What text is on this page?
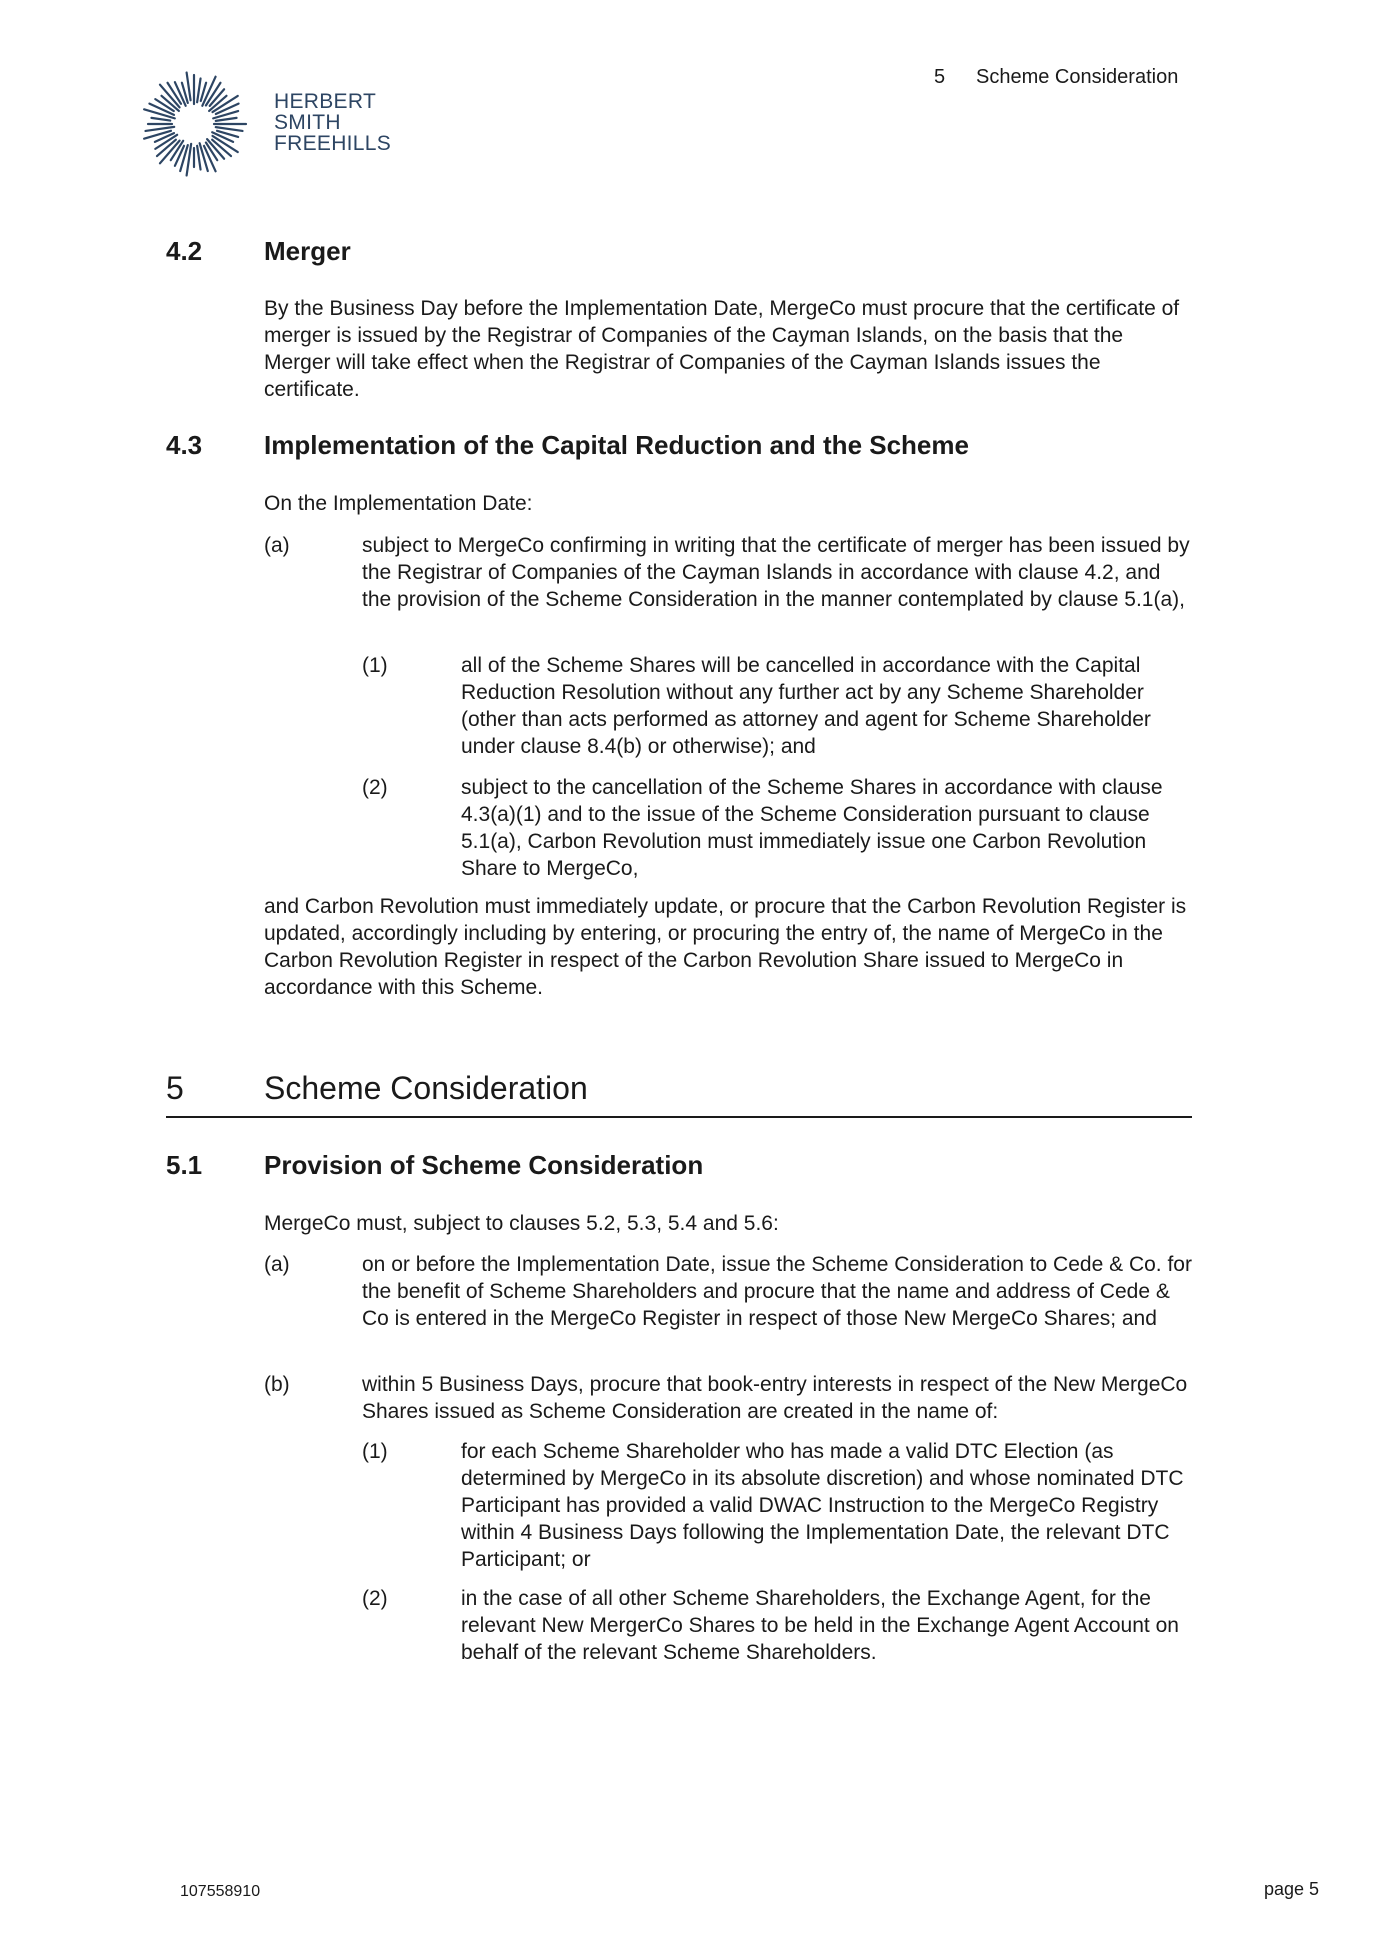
HERBERT
SMITH
FREEHILLS
5 Scheme Consideration
4.2 Merger

By the Business Day before the Implementation Date, MergeCo must procure that the certificate of merger is issued by the Registrar of Companies of the Cayman Islands, on the basis that the Merger will take effect when the Registrar of Companies of the Cayman Islands issues the certificate.

4.3 Implementation of the Capital Reduction and the Scheme

On the Implementation Date:

(a)	subject to MergeCo confirming in writing that the certificate of merger has been issued by the Registrar of Companies of the Cayman Islands in accordance with clause 4.2, and the provision of the Scheme Consideration in the manner contemplated by clause 5.1(a),

(1)	all of the Scheme Shares will be cancelled in accordance with the Capital Reduction Resolution without any further act by any Scheme Shareholder (other than acts performed as attorney and agent for Scheme Shareholder under clause 8.4(b) or otherwise); and

(2)	subject to the cancellation of the Scheme Shares in accordance with clause 4.3(a)(1) and to the issue of the Scheme Consideration pursuant to clause 5.1(a), Carbon Revolution must immediately issue one Carbon Revolution Share to MergeCo,

and Carbon Revolution must immediately update, or procure that the Carbon Revolution Register is updated, accordingly including by entering, or procuring the entry of, the name of MergeCo in the Carbon Revolution Register in respect of the Carbon Revolution Share issued to MergeCo in accordance with this Scheme.

5	Scheme Consideration
5.1 Provision of Scheme Consideration

MergeCo must, subject to clauses 5.2, 5.3, 5.4 and 5.6:

(a)	on or before the Implementation Date, issue the Scheme Consideration to Cede & Co. for the benefit of Scheme Shareholders and procure that the name and address of Cede & Co is entered in the MergeCo Register in respect of those New MergeCo Shares; and

(b)	within 5 Business Days, procure that book-entry interests in respect of the New MergeCo Shares issued as Scheme Consideration are created in the name of:

(1)	for each Scheme Shareholder who has made a valid DTC Election (as determined by MergeCo in its absolute discretion) and whose nominated DTC Participant has provided a valid DWAC Instruction to the MergeCo Registry within 4 Business Days following the Implementation Date, the relevant DTC Participant; or

(2)	in the case of all other Scheme Shareholders, the Exchange Agent, for the relevant New MergerCo Shares to be held in the Exchange Agent Account on behalf of the relevant Scheme Shareholders.

107558910	page 5
